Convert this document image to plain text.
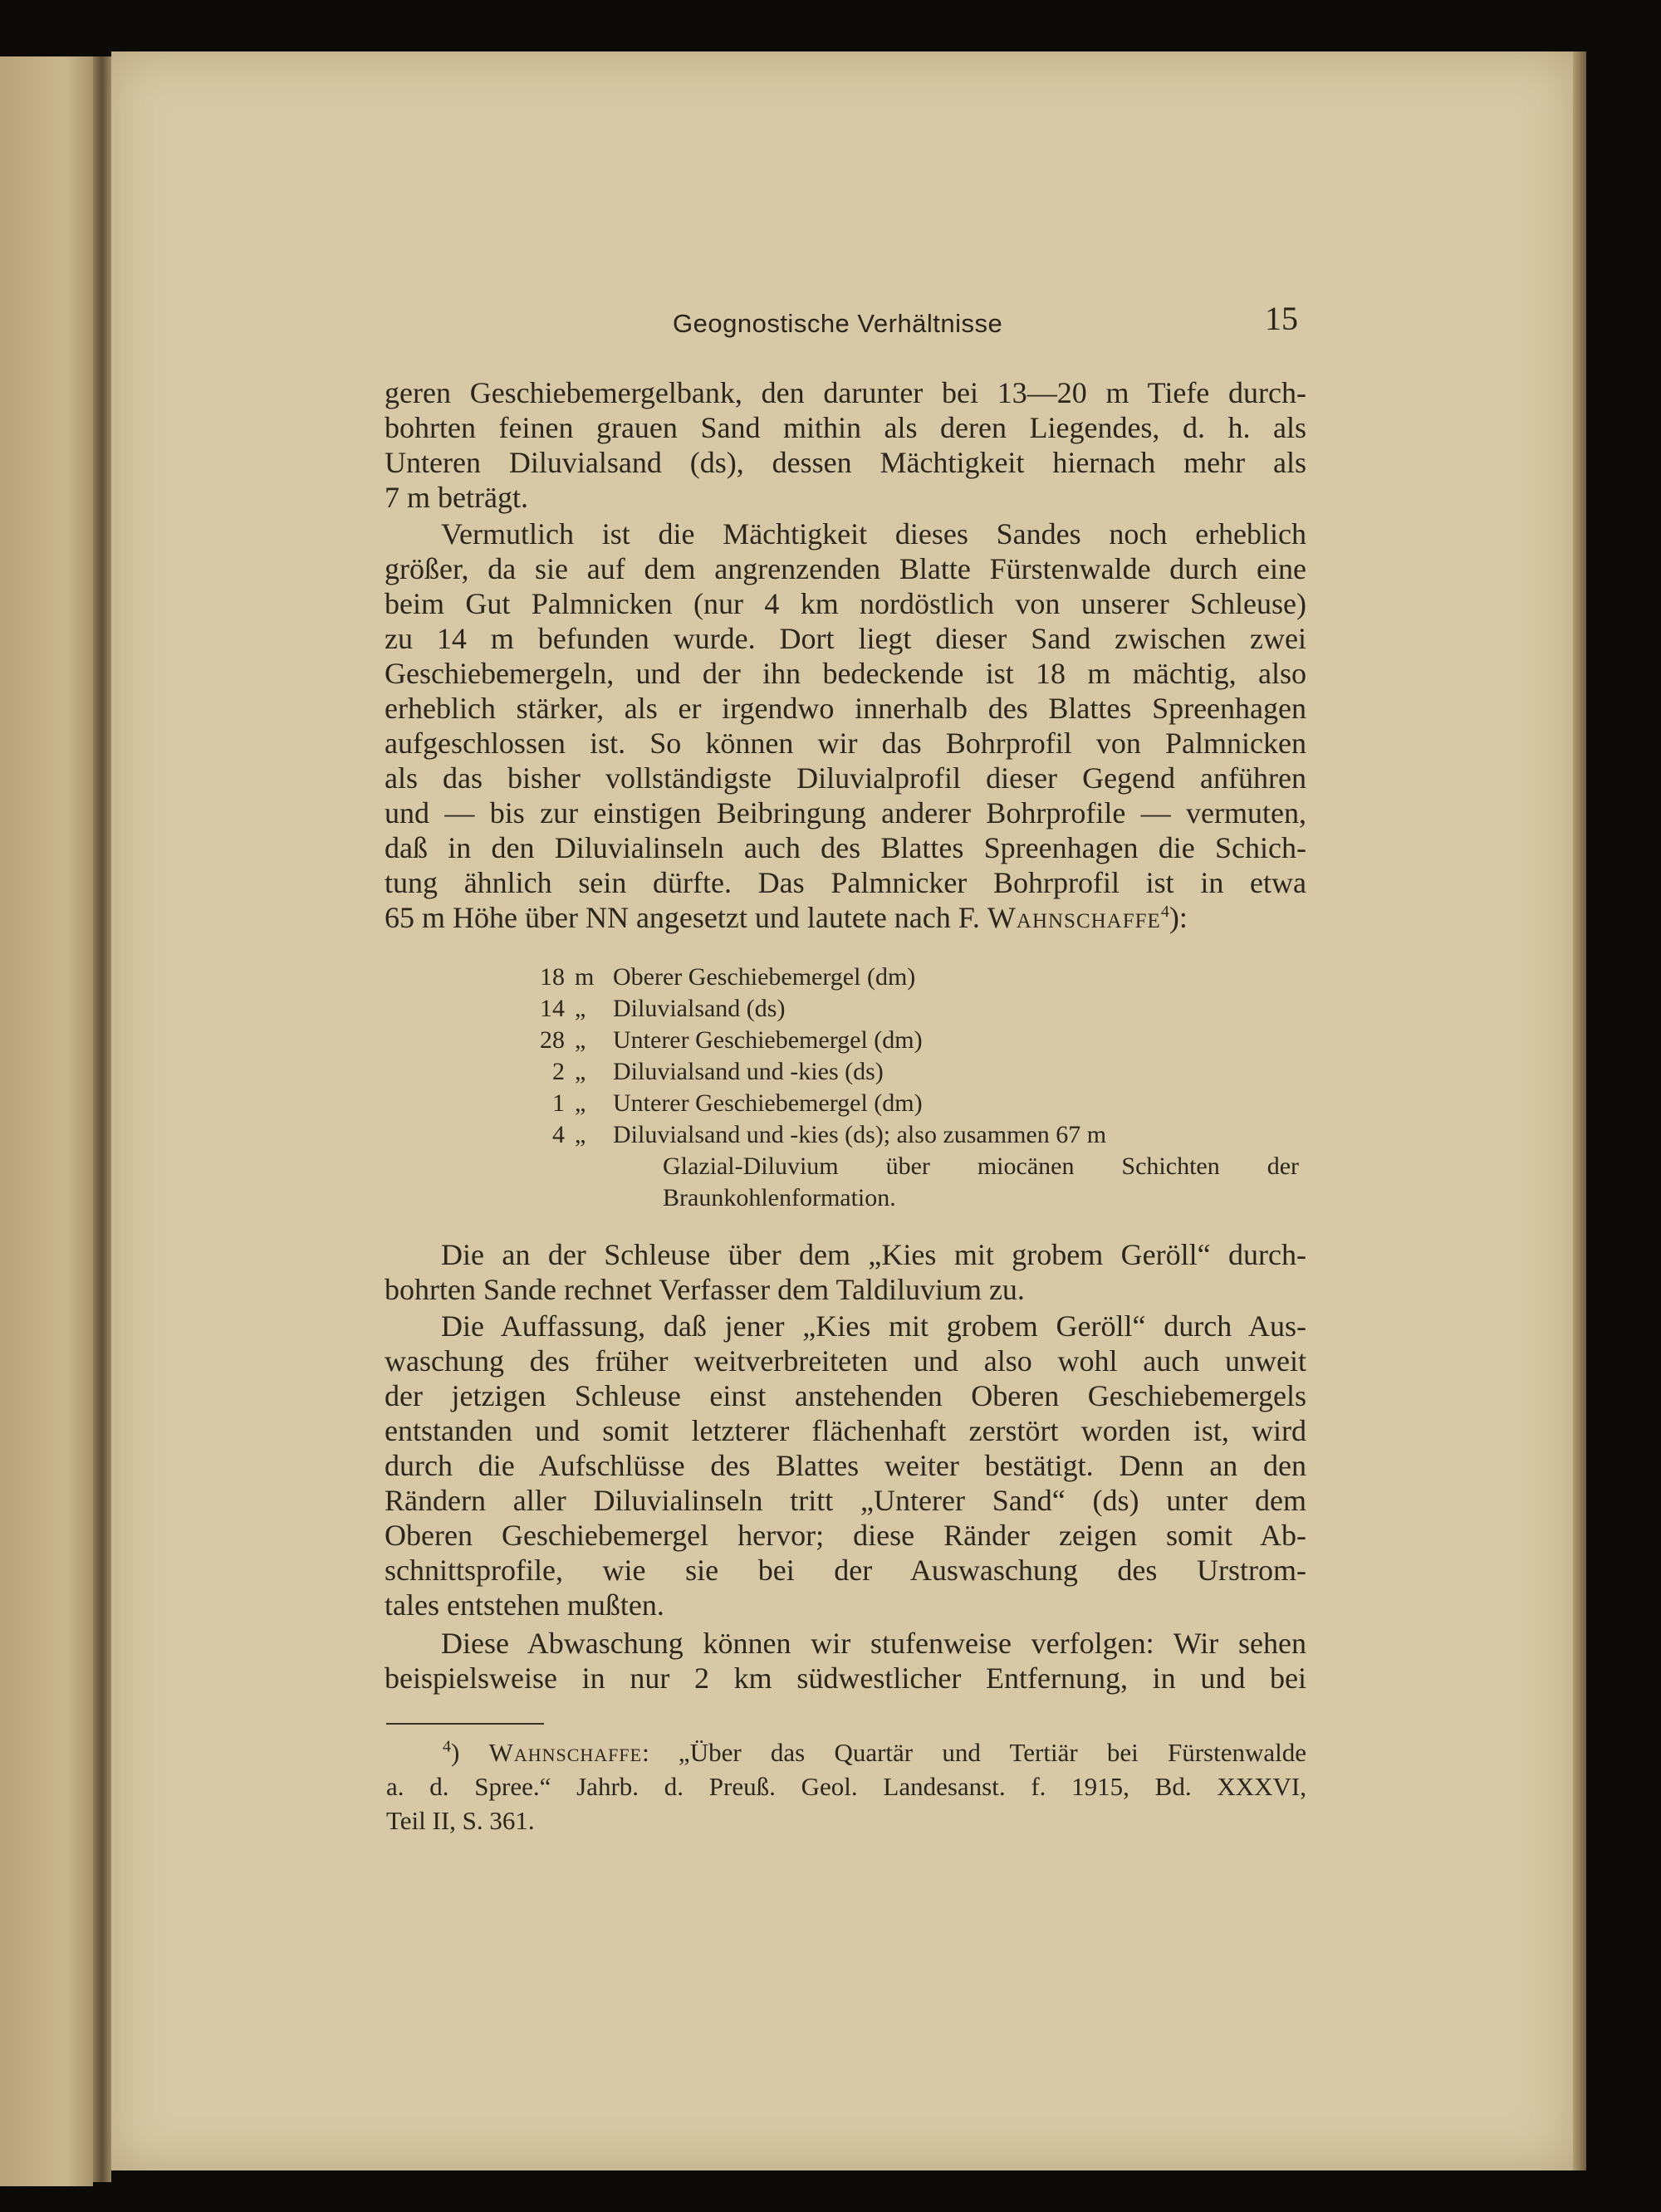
Geognostische Verhältnisse	15

geren Geschiebemergelbank, den darunter bei 13—20 m Tiefe durch-

bohrten feinen grauen Sand mithin als deren Liegendes, d. h. als

Unteren Diluvialsand (ds), dessen Mächtigkeit hiernach mehr als

7 m beträgt.

Vermutlich ist die Mächtigkeit dieses Sandes noch erheblich

größer, da sie auf dem angrenzenden Blatte Fürstenwalde durch eine

beim Gut Palmnicken (nur 4 km nordöstlich von unserer Schleuse)

zu 14 m befunden wurde. Dort liegt dieser Sand zwischen zwei

Geschiebemergeln, und der ihn bedeckende ist 18 m mächtig, also

erheblich stärker, als er irgendwo innerhalb des Blattes Spreenhagen

aufgeschlossen ist. So können wir das Bohrprofil von Palmnicken

als das bisher vollständigste Diluvialprofil dieser Gegend anführen

und — bis zur einstigen Beibringung anderer Bohrprofile — vermuten,

daß in den Diluvialinseln auch des Blattes Spreenhagen die Schich-

tung ähnlich sein dürfte. Das Palmnicker Bohrprofil ist in etwa

65 m Höhe über NN angesetzt und lautete nach F. Wahnschaffe$^4$):

18 m Oberer Geschiebemergel (dm)
14 „ Diluvialsand (ds)
28 „ Unterer Geschiebemergel (dm)
2 „ Diluvialsand und -kies (ds)
1 „ Unterer Geschiebemergel (dm)
4 „ Diluvialsand und -kies (ds); also zusammen 67 m
Glazial-Diluvium über miocänen Schichten der
Braunkohlenformation.

Die an der Schleuse über dem „Kies mit grobem Geröll“ durch-

bohrten Sande rechnet Verfasser dem Taldiluvium zu.

Die Auffassung, daß jener „Kies mit grobem Geröll“ durch Aus-

waschung des früher weitverbreiteten und also wohl auch unweit

der jetzigen Schleuse einst anstehenden Oberen Geschiebemergels

entstanden und somit letzterer flächenhaft zerstört worden ist, wird

durch die Aufschlüsse des Blattes weiter bestätigt. Denn an den

Rändern aller Diluvialinseln tritt „Unterer Sand“ (ds) unter dem

Oberen Geschiebemergel hervor; diese Ränder zeigen somit Ab-

schnittsprofile, wie sie bei der Auswaschung des Urstrom-

tales entstehen mußten.

Diese Abwaschung können wir stufenweise verfolgen: Wir sehen

beispielsweise in nur 2 km südwestlicher Entfernung, in und bei

$^4$) Wahnschaffe: „Über das Quartär und Tertiär bei Fürstenwalde
a. d. Spree.“ Jahrb. d. Preuß. Geol. Landesanst. f. 1915, Bd. XXXVI,
Teil II, S. 361.
